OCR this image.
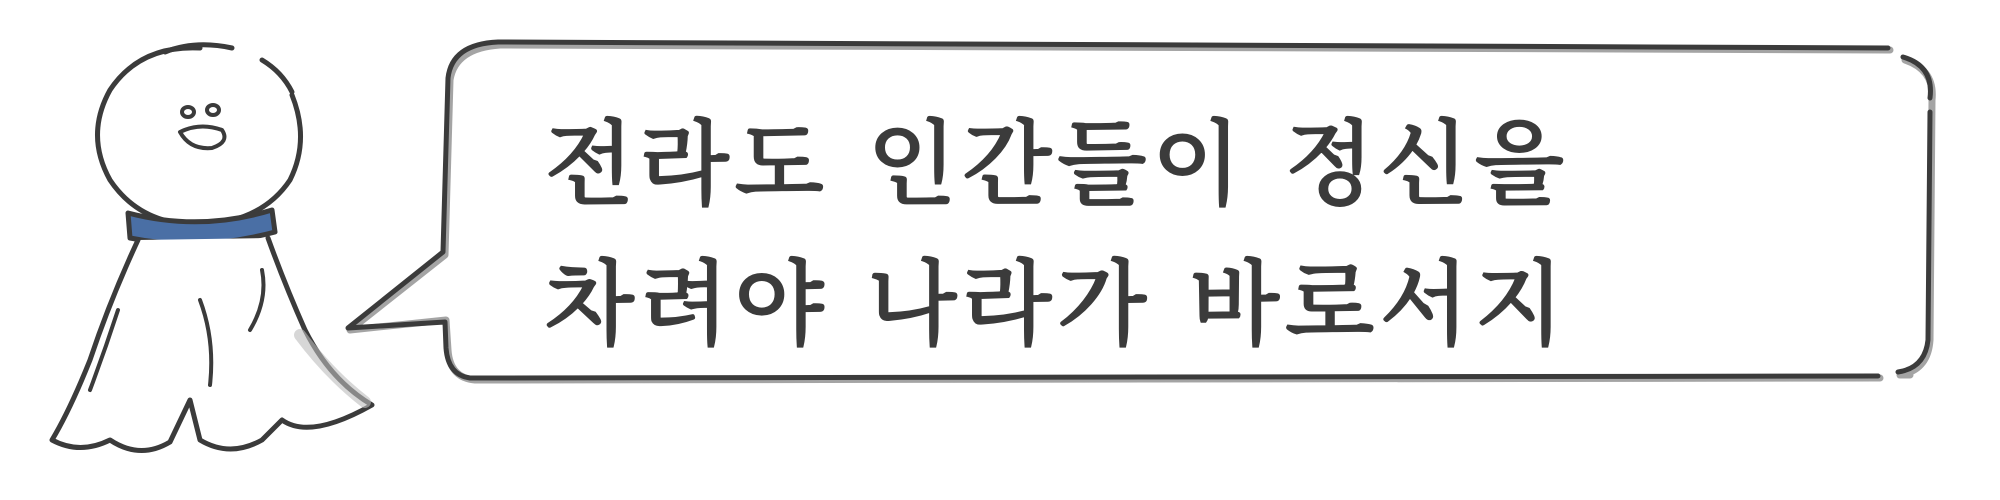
전라도 인간들이 정신을
차려야 나라가 바로서지
